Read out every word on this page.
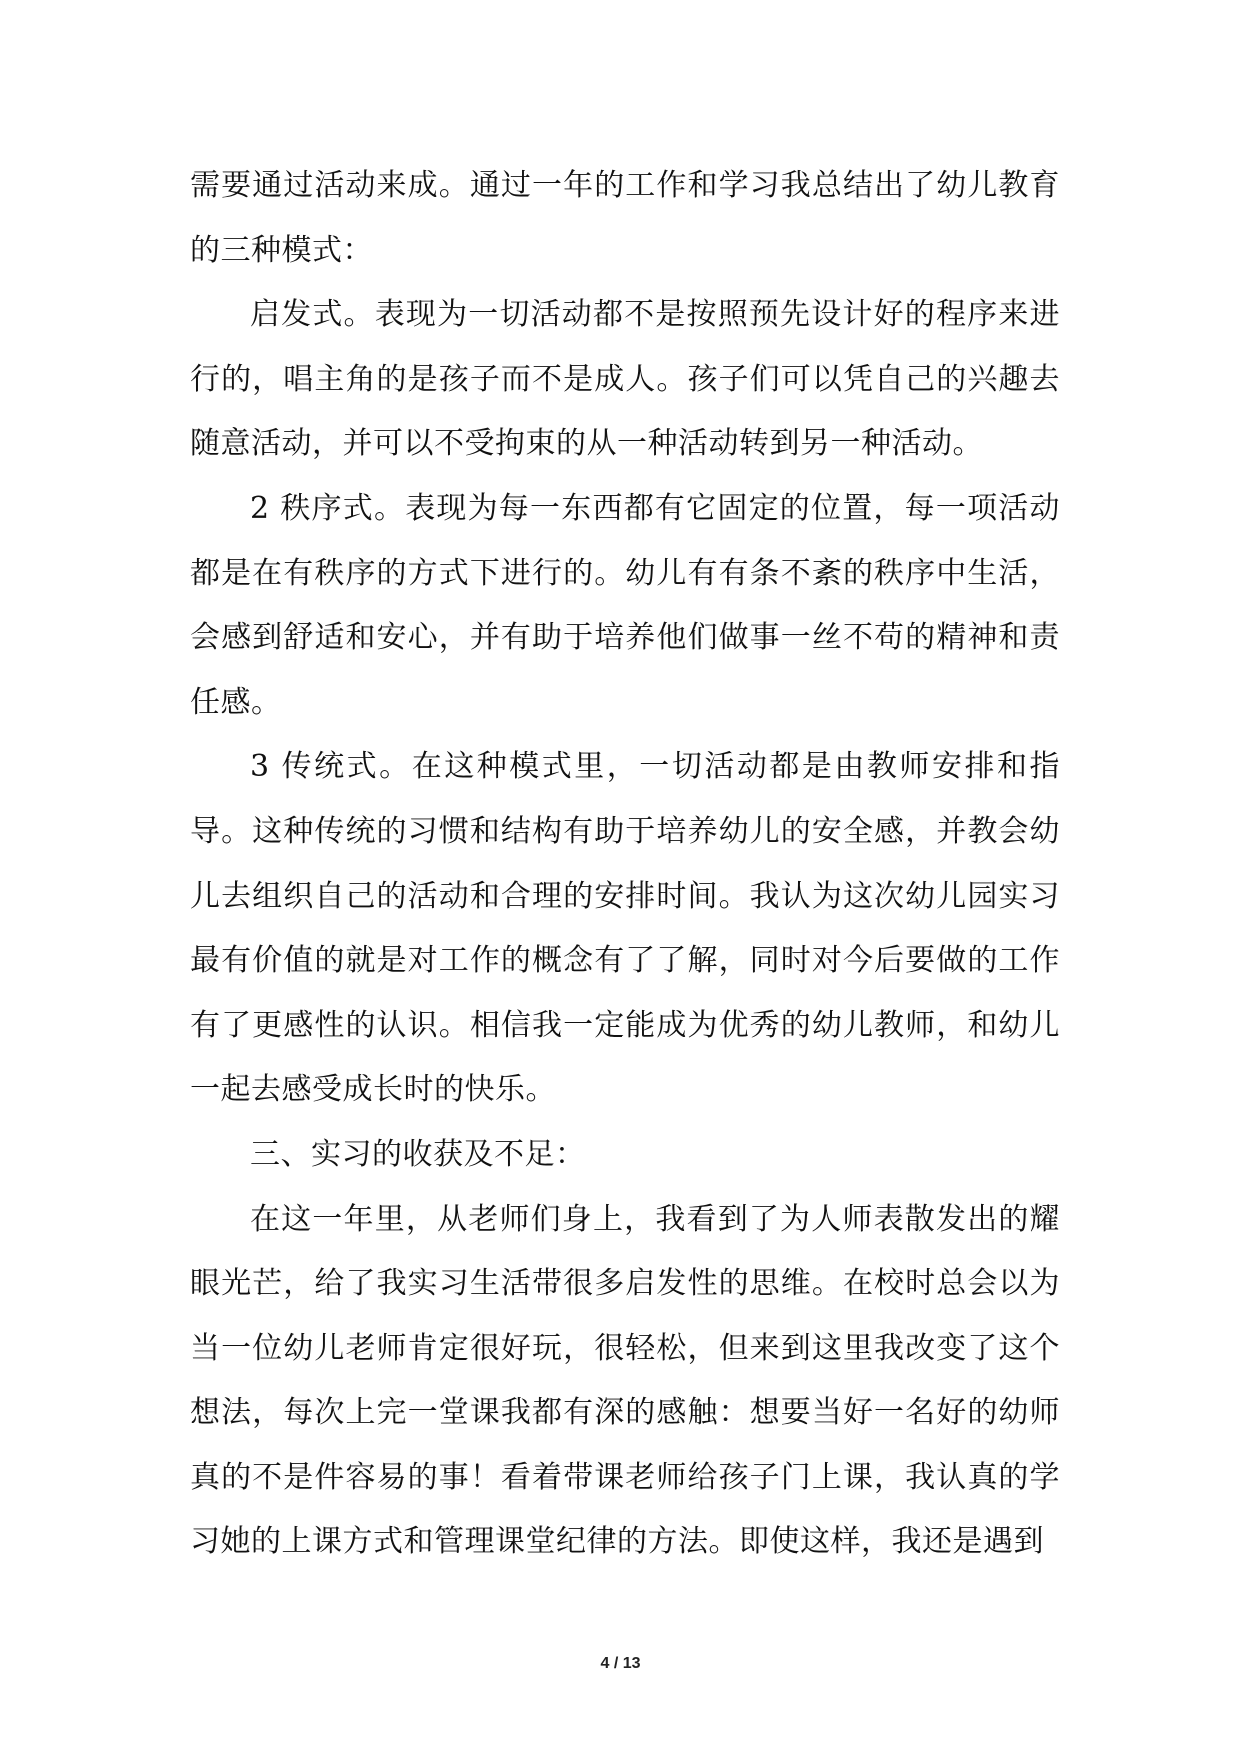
需要通过活动来成。通过一年的工作和学习我总结出了幼儿教育的三种模式：

启发式。表现为一切活动都不是按照预先设计好的程序来进行的，唱主角的是孩子而不是成人。孩子们可以凭自己的兴趣去随意活动，并可以不受拘束的从一种活动转到另一种活动。

2 秩序式。表现为每一东西都有它固定的位置，每一项活动都是在有秩序的方式下进行的。幼儿有有条不紊的秩序中生活，会感到舒适和安心，并有助于培养他们做事一丝不苟的精神和责任感。

3 传统式。在这种模式里，一切活动都是由教师安排和指导。这种传统的习惯和结构有助于培养幼儿的安全感，并教会幼儿去组织自己的活动和合理的安排时间。我认为这次幼儿园实习最有价值的就是对工作的概念有了了解，同时对今后要做的工作有了更感性的认识。相信我一定能成为优秀的幼儿教师，和幼儿一起去感受成长时的快乐。

三、实习的收获及不足：

在这一年里，从老师们身上，我看到了为人师表散发出的耀眼光芒，给了我实习生活带很多启发性的思维。在校时总会以为当一位幼儿老师肯定很好玩，很轻松，但来到这里我改变了这个想法，每次上完一堂课我都有深的感触：想要当好一名好的幼师真的不是件容易的事！看着带课老师给孩子门上课，我认真的学习她的上课方式和管理课堂纪律的方法。即使这样，我还是遇到

4 / 13
